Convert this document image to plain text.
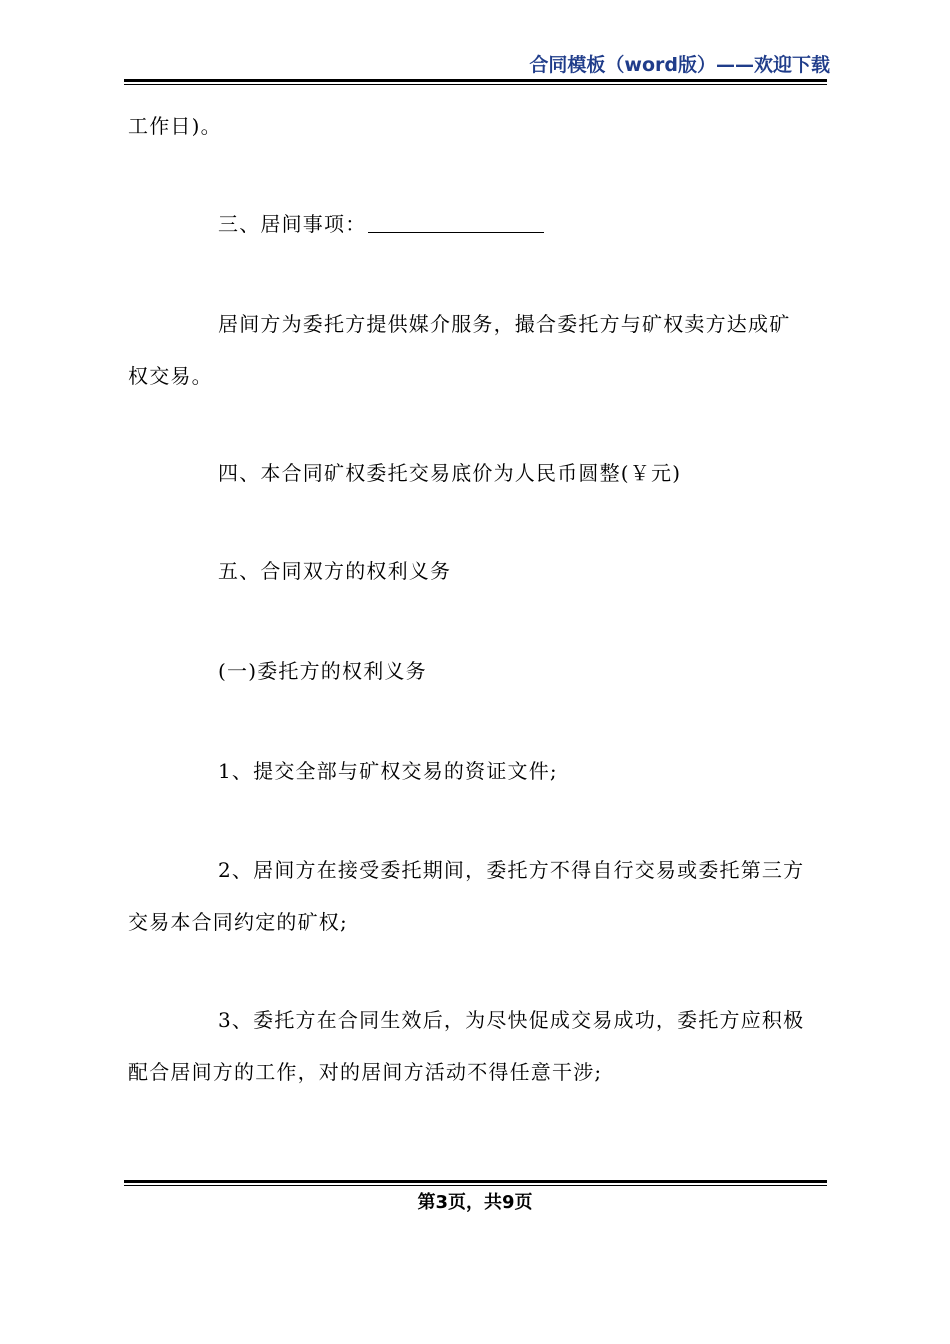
合同模板（word版）——欢迎下载
工作日)。
三、居间事项：
居间方为委托方提供媒介服务，撮合委托方与矿权卖方达成矿
权交易。
四、本合同矿权委托交易底价为人民币圆整(￥元)
五、合同双方的权利义务
(一)委托方的权利义务
1、提交全部与矿权交易的资证文件;
2、居间方在接受委托期间，委托方不得自行交易或委托第三方
交易本合同约定的矿权;
3、委托方在合同生效后，为尽快促成交易成功，委托方应积极
配合居间方的工作，对的居间方活动不得任意干涉;
第3页，共9页
